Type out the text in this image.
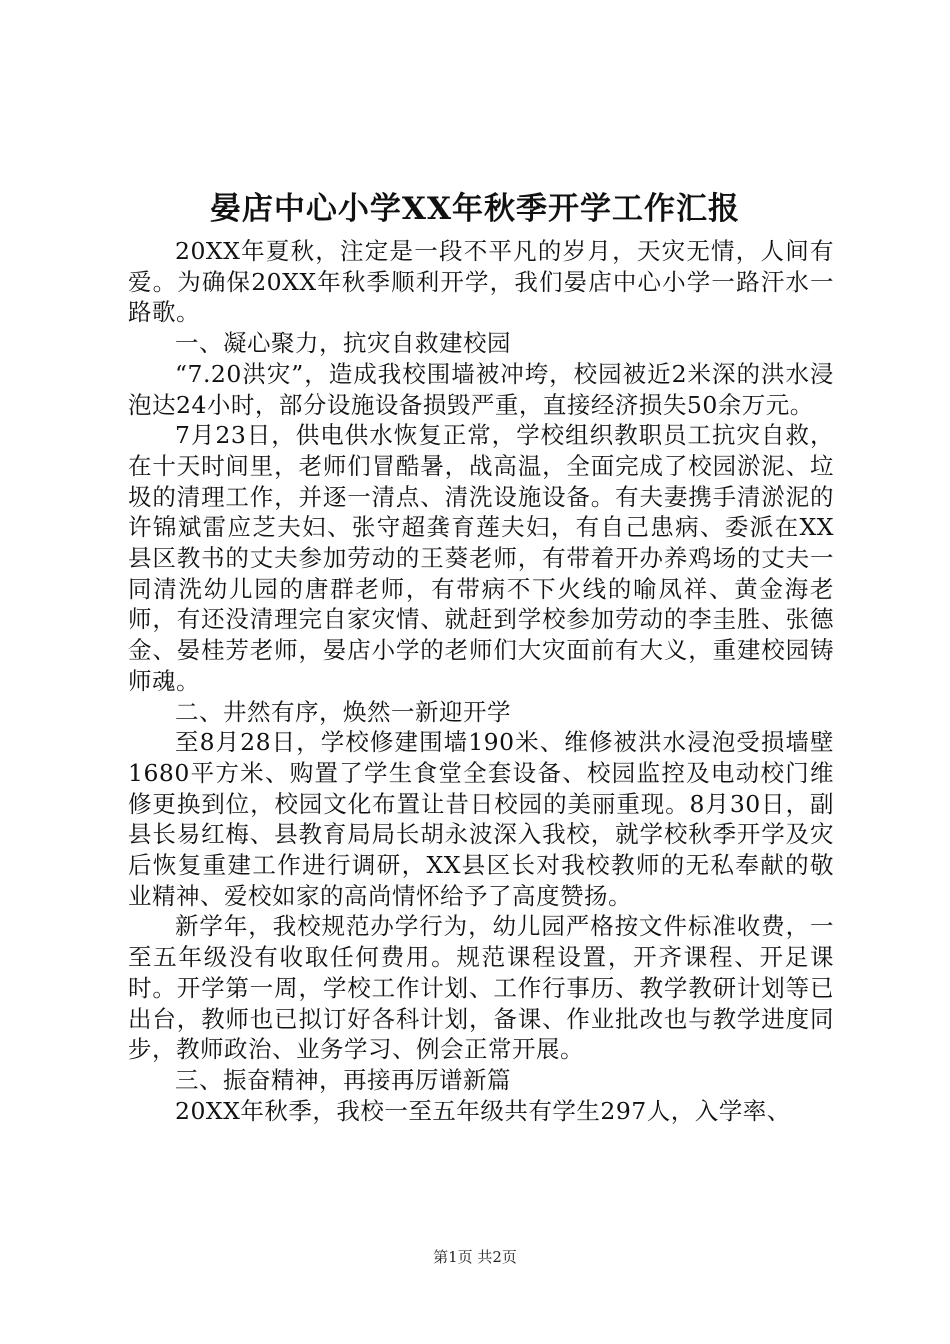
晏店中心小学XX年秋季开学工作汇报

20XX年夏秋，注定是一段不平凡的岁月，天灾无情，人间有爱。为确保20XX年秋季顺利开学，我们晏店中心小学一路汗水一路歌。

一、凝心聚力，抗灾自救建校园

“7.20洪灾”，造成我校围墙被冲垮，校园被近2米深的洪水浸泡达24小时，部分设施设备损毁严重，直接经济损失50余万元。

7月23日，供电供水恢复正常，学校组织教职员工抗灾自救，在十天时间里，老师们冒酷暑，战高温，全面完成了校园淤泥、垃圾的清理工作，并逐一清点、清洗设施设备。有夫妻携手清淤泥的许锦斌雷应芝夫妇、张守超龚育莲夫妇，有自己患病、委派在XX县区教书的丈夫参加劳动的王葵老师，有带着开办养鸡场的丈夫一同清洗幼儿园的唐群老师，有带病不下火线的喻凤祥、黄金海老师，有还没清理完自家灾情、就赶到学校参加劳动的李圭胜、张德金、晏桂芳老师，晏店小学的老师们大灾面前有大义，重建校园铸师魂。

二、井然有序，焕然一新迎开学

至8月28日，学校修建围墙190米、维修被洪水浸泡受损墙壁1680平方米、购置了学生食堂全套设备、校园监控及电动校门维修更换到位，校园文化布置让昔日校园的美丽重现。8月30日，副县长易红梅、县教育局局长胡永波深入我校，就学校秋季开学及灾后恢复重建工作进行调研，XX县区长对我校教师的无私奉献的敬业精神、爱校如家的高尚情怀给予了高度赞扬。

新学年，我校规范办学行为，幼儿园严格按文件标准收费，一至五年级没有收取任何费用。规范课程设置，开齐课程、开足课时。开学第一周，学校工作计划、工作行事历、教学教研计划等已出台，教师也已拟订好各科计划，备课、作业批改也与教学进度同步，教师政治、业务学习、例会正常开展。

三、振奋精神，再接再厉谱新篇

20XX年秋季，我校一至五年级共有学生297人，入学率、

第1页 共2页
